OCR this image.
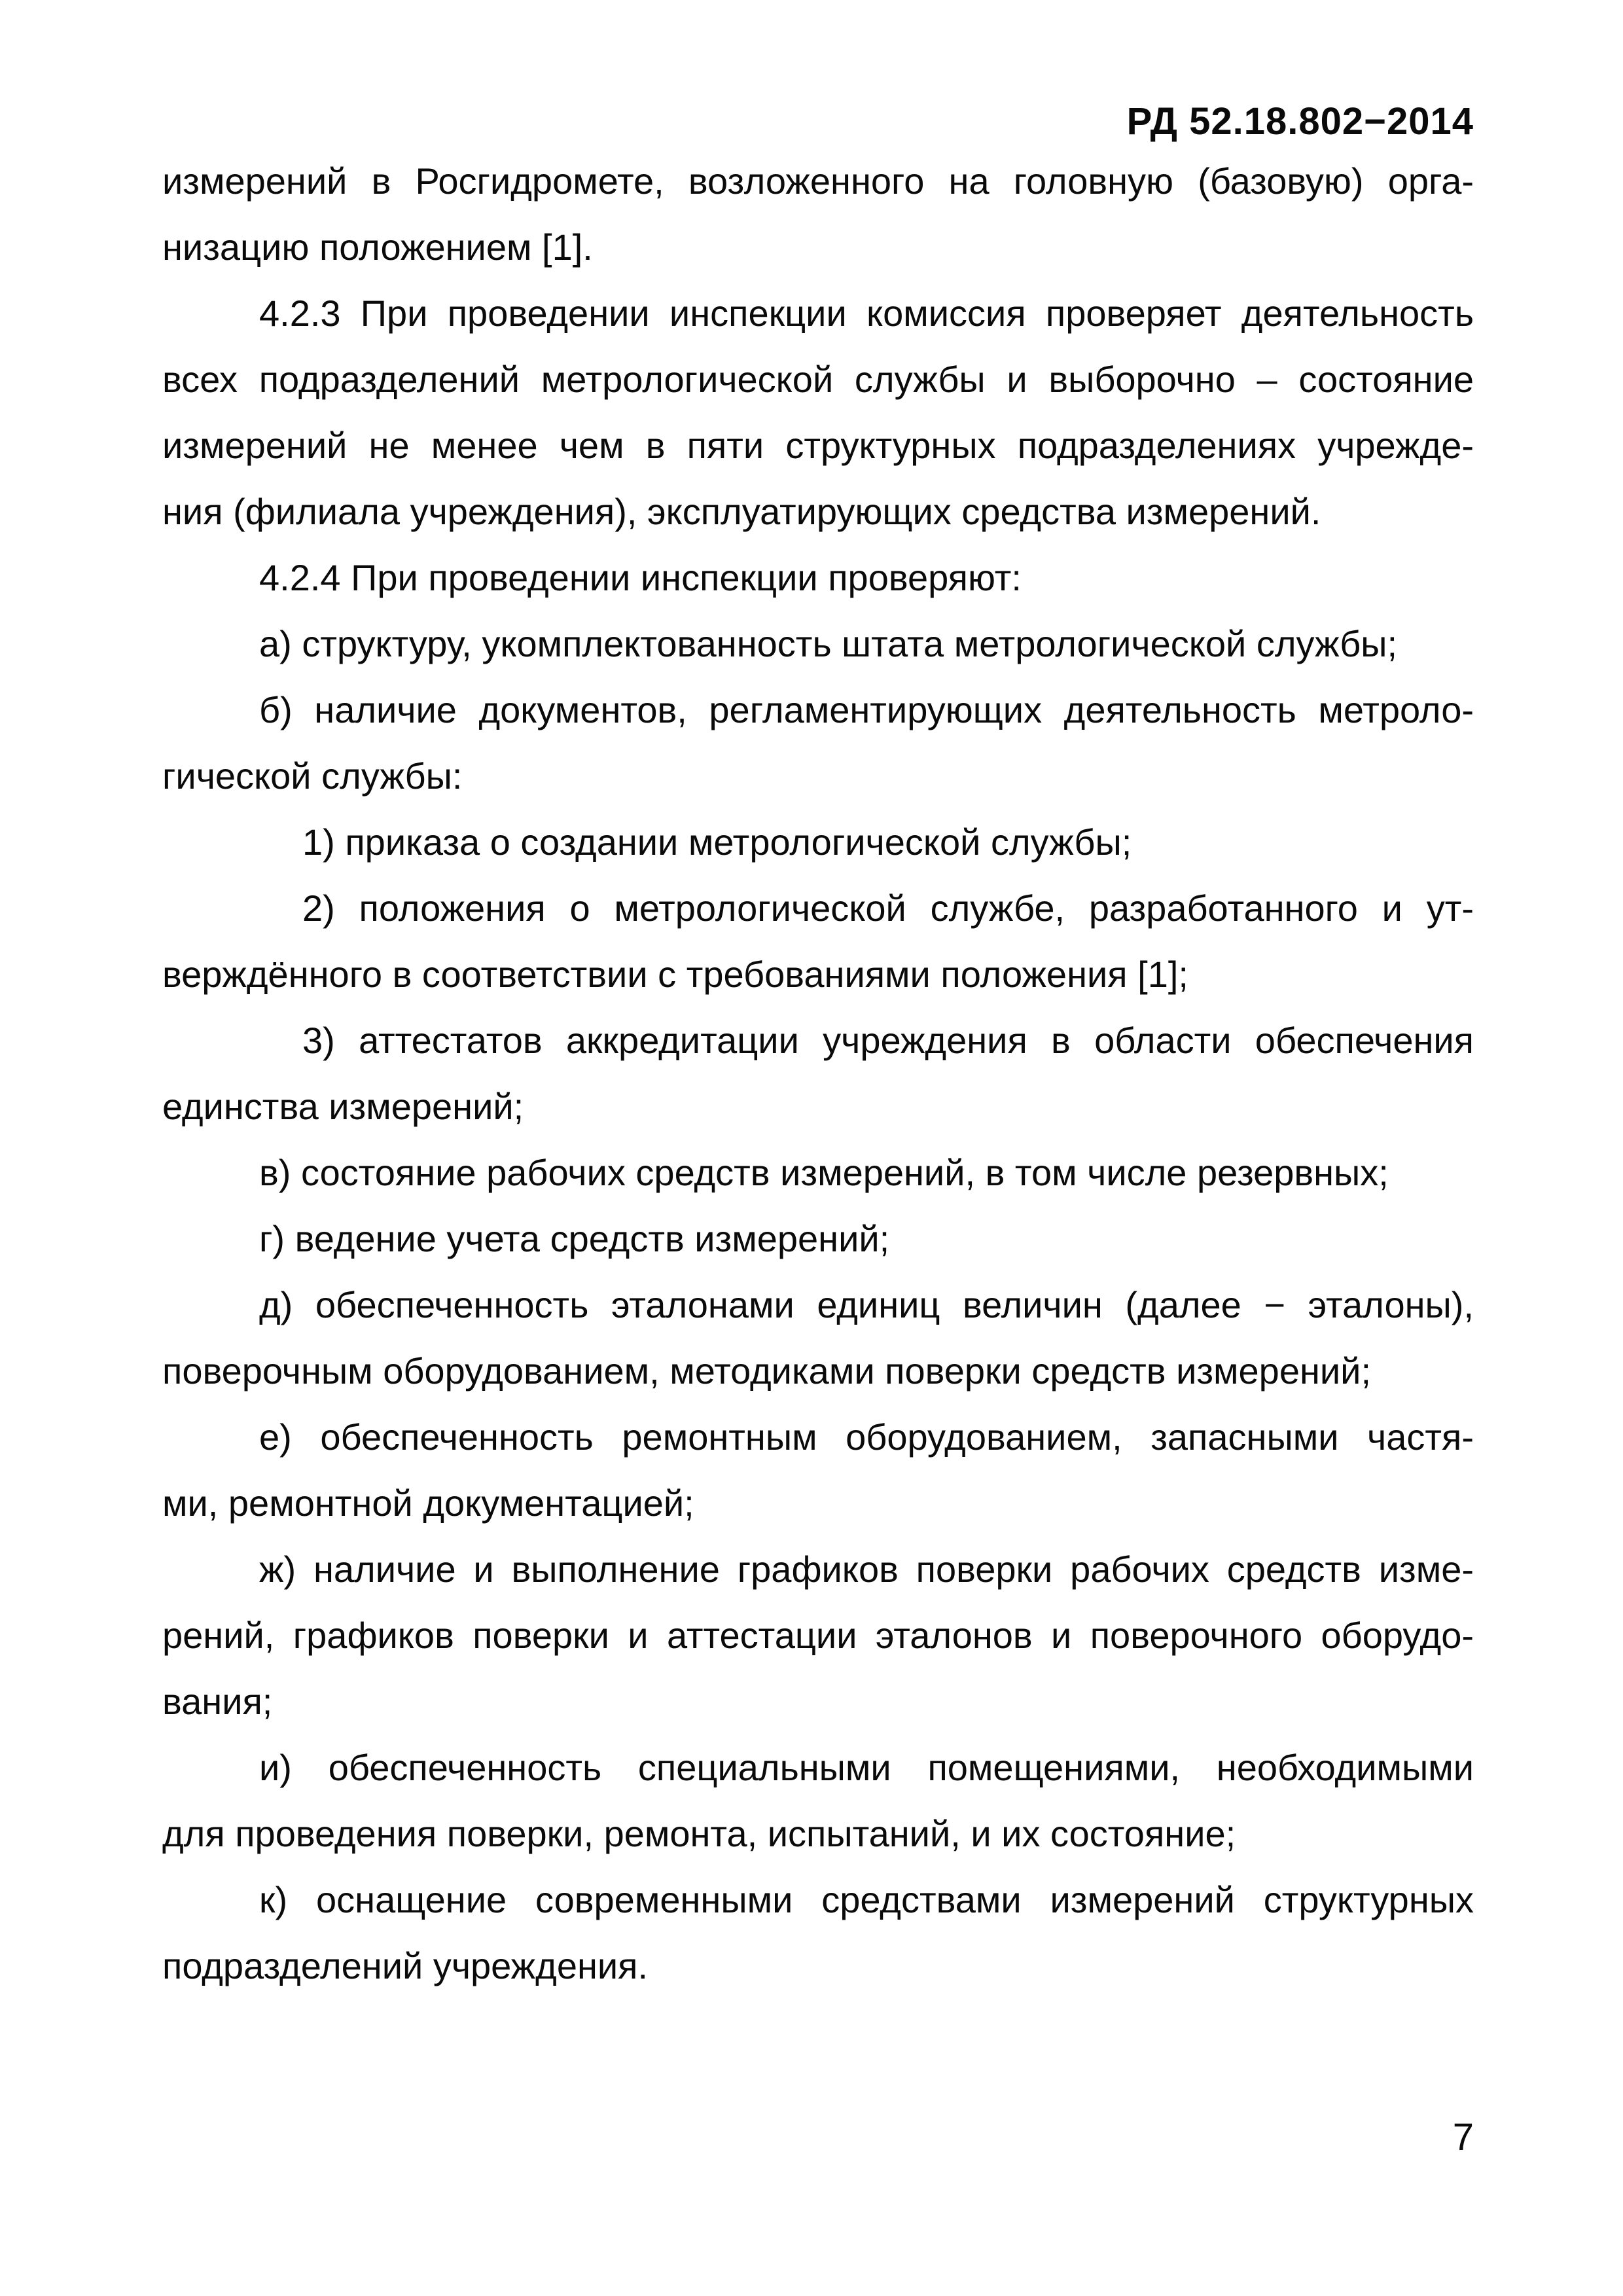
РД 52.18.802−2014
измерений в Росгидромете, возложенного на головную (базовую) орга-
низацию положением [1].
4.2.3 При проведении инспекции комиссия проверяет деятельность
всех подразделений метрологической службы и выборочно – состояние
измерений не менее чем в пяти структурных подразделениях учрежде-
ния (филиала учреждения), эксплуатирующих средства измерений.
4.2.4 При проведении инспекции проверяют:
а) структуру, укомплектованность штата метрологической службы;
б) наличие документов, регламентирующих деятельность метроло-
гической службы:
1) приказа о создании метрологической службы;
2) положения о метрологической службе, разработанного и ут-
верждённого в соответствии с требованиями положения [1];
3) аттестатов аккредитации учреждения в области обеспечения
единства измерений;
в) состояние рабочих средств измерений, в том числе резервных;
г) ведение учета средств измерений;
д) обеспеченность эталонами единиц величин (далее − эталоны),
поверочным оборудованием, методиками поверки средств измерений;
е) обеспеченность ремонтным оборудованием, запасными частя-
ми, ремонтной документацией;
ж) наличие и выполнение графиков поверки рабочих средств изме-
рений, графиков поверки и аттестации эталонов и поверочного оборудо-
вания;
и) обеспеченность специальными помещениями, необходимыми
для проведения поверки, ремонта, испытаний, и их состояние;
к) оснащение современными средствами измерений структурных
подразделений учреждения.
7
